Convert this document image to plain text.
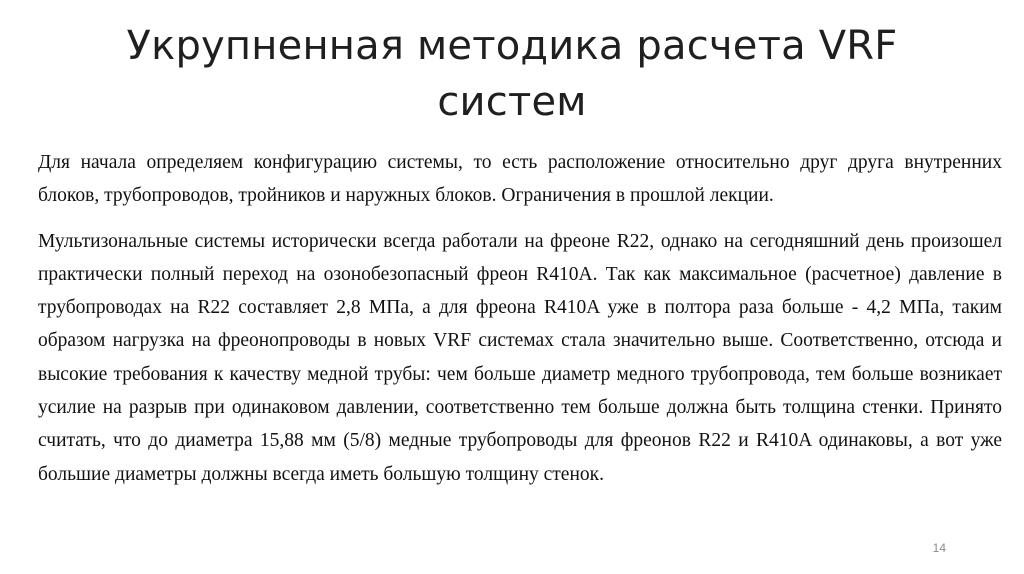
Укрупненная методика расчета VRF систем

Для начала определяем конфигурацию системы, то есть расположение относительно друг друга внутренних блоков, трубопроводов, тройников и наружных блоков. Ограничения в прошлой лекции.

Мультизональные системы исторически всегда работали на фреоне R22, однако на сегодняшний день произошел практически полный переход на озонобезопасный фреон R410A. Так как максимальное (расчетное) давление в трубопроводах на R22 составляет 2,8 МПа, а для фреона R410A уже в полтора раза больше - 4,2 МПа, таким образом нагрузка на фреонопроводы в новых VRF системах стала значительно выше. Соответственно, отсюда и высокие требования к качеству медной трубы: чем больше диаметр медного трубопровода, тем больше возникает усилие на разрыв при одинаковом давлении, соответственно тем больше должна быть толщина стенки. Принято считать, что до диаметра 15,88 мм (5/8) медные трубопроводы для фреонов R22 и R410A одинаковы, а вот уже большие диаметры должны всегда иметь большую толщину стенок.

14
